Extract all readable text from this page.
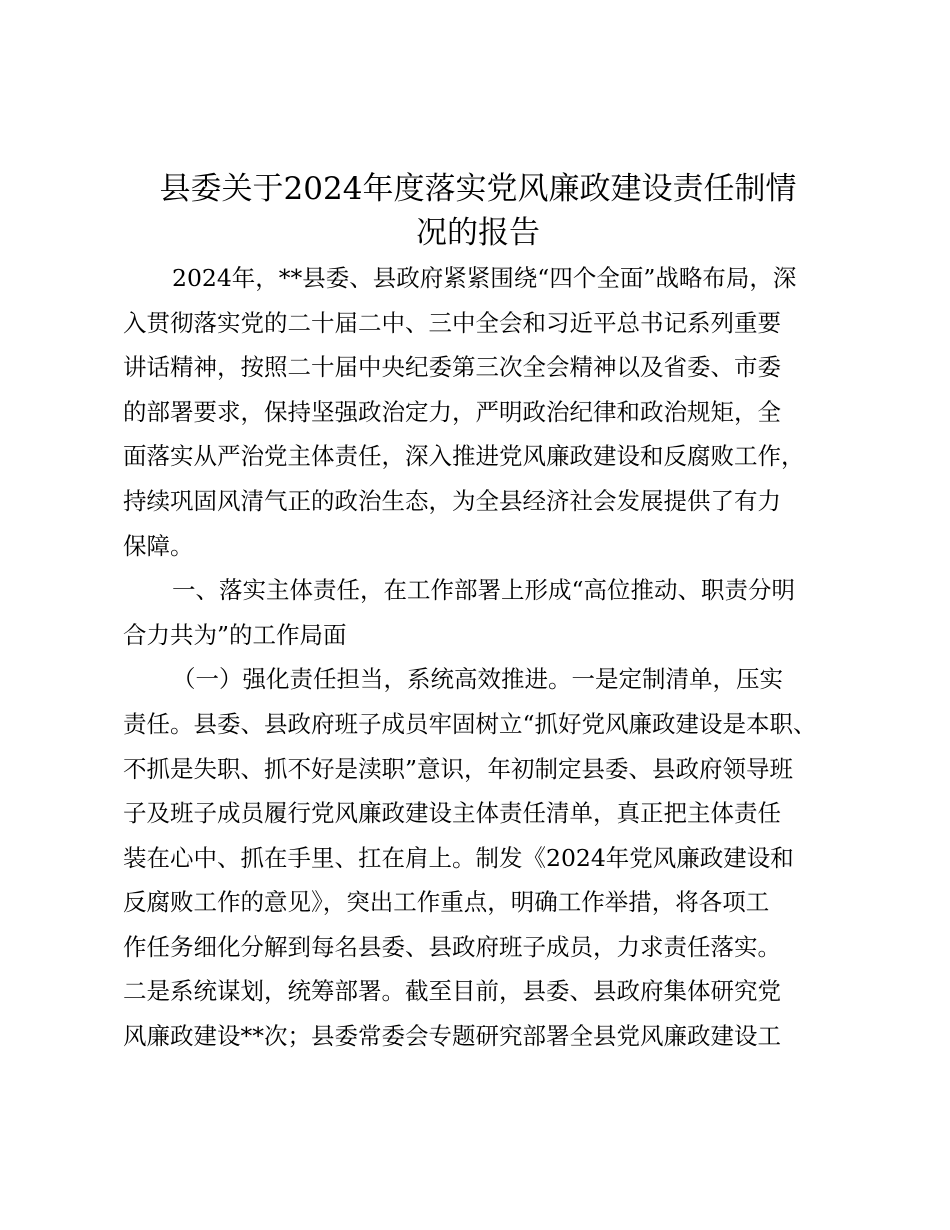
县委关于2024年度落实党风廉政建设责任制情
况的报告

2024年，**县委、县政府紧紧围绕“四个全面”战略布局，深

入贯彻落实党的二十届二中、三中全会和习近平总书记系列重要

讲话精神，按照二十届中央纪委第三次全会精神以及省委、市委

的部署要求，保持坚强政治定力，严明政治纪律和政治规矩，全

面落实从严治党主体责任，深入推进党风廉政建设和反腐败工作，

持续巩固风清气正的政治生态，为全县经济社会发展提供了有力

保障。

一、落实主体责任，在工作部署上形成“高位推动、职责分明

合力共为”的工作局面

（一）强化责任担当，系统高效推进。一是定制清单，压实

责任。县委、县政府班子成员牢固树立“抓好党风廉政建设是本职、

不抓是失职、抓不好是渎职”意识，年初制定县委、县政府领导班

子及班子成员履行党风廉政建设主体责任清单，真正把主体责任

装在心中、抓在手里、扛在肩上。制发《2024年党风廉政建设和

反腐败工作的意见》，突出工作重点，明确工作举措，将各项工

作任务细化分解到每名县委、县政府班子成员，力求责任落实。

二是系统谋划，统筹部署。截至目前，县委、县政府集体研究党

风廉政建设**次；县委常委会专题研究部署全县党风廉政建设工
